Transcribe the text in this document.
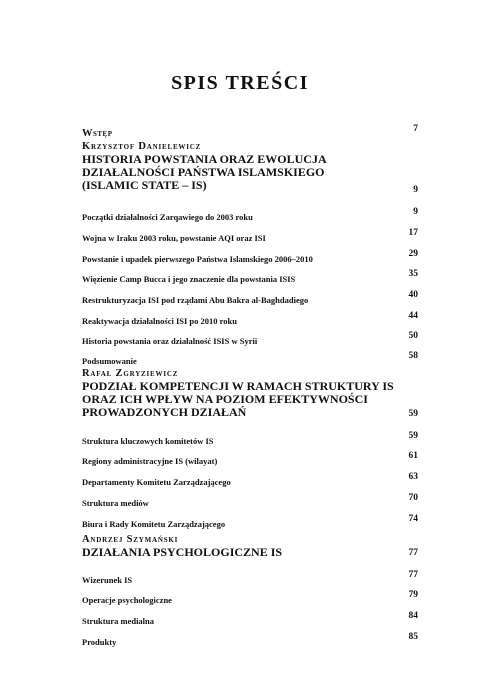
SPIS TREŚCI
Wstęp	7
Krzysztof Danielewicz
HISTORIA POWSTANIA ORAZ EWOLUCJA
DZIAŁALNOŚCI PAŃSTWA ISLAMSKIEGO
(ISLAMIC STATE – IS)	9
Początki działalności Zarqawiego do 2003 roku	9
Wojna w Iraku 2003 roku, powstanie AQI oraz ISI	17
Powstanie i upadek pierwszego Państwa Islamskiego 2006–2010	29
Więzienie Camp Bucca i jego znaczenie dla powstania ISIS	35
Restrukturyzacja ISI pod rządami Abu Bakra al-Baghdadiego	40
Reaktywacja działalności ISI po 2010 roku	44
Historia powstania oraz działalność ISIS w Syrii	50
Podsumowanie	58
Rafał Zgryziewicz
PODZIAŁ KOMPETENCJI W RAMACH STRUKTURY IS
ORAZ ICH WPŁYW NA POZIOM EFEKTYWNOŚCI
PROWADZONYCH DZIAŁAŃ	59
Struktura kluczowych komitetów IS	59
Regiony administracyjne IS (wilayat)	61
Departamenty Komitetu Zarządzającego	63
Struktura mediów	70
Biura i Rady Komitetu Zarządzającego	74
Andrzej Szymański
DZIAŁANIA PSYCHOLOGICZNE IS	77
Wizerunek IS	77
Operacje psychologiczne	79
Struktura medialna	84
Produkty	85
